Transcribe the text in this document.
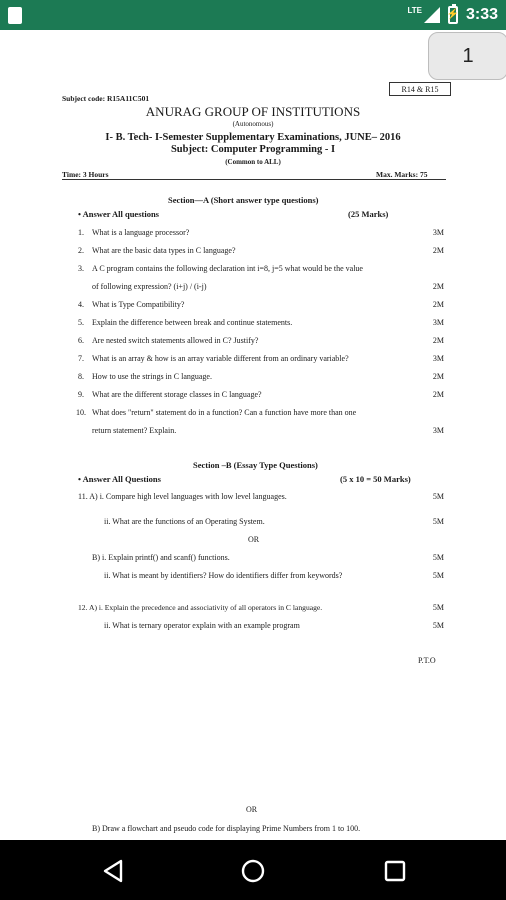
LTE ⚡ 3:33
1
Subject code: R15A11C501
R14 & R15
ANURAG GROUP OF INSTITUTIONS
(Autonomous)
I- B. Tech- I-Semester Supplementary Examinations, JUNE– 2016
Subject: Computer Programming - I
(Common to ALL)
Time: 3 Hours	Max. Marks: 75
Section—A (Short answer type questions)
• Answer All questions	(25 Marks)
1. What is a language processor?	3M
2. What are the basic data types in C language?	2M
3. A C program contains the following declaration int i=8, j=5 what would be the value
of following expression? (i+j) / (i-j)	2M
4. What is Type Compatibility?	2M
5. Explain the difference between break and continue statements.	3M
6. Are nested switch statements allowed in C? Justify?	2M
7. What is an array & how is an array variable different from an ordinary variable?	3M
8. How to use the strings in C language.	2M
9. What are the different storage classes in C language?	2M
10. What does "return" statement do in a function? Can a function have more than one
return statement? Explain.	3M
Section –B (Essay Type Questions)
• Answer All Questions	(5 x 10 = 50 Marks)
11. A) i. Compare high level languages with low level languages.	5M
ii. What are the functions of an Operating System.	5M
OR
B) i. Explain printf() and scanf() functions.	5M
ii. What is meant by identifiers? How do identifiers differ from keywords?	5M
12. A) i. Explain the precedence and associativity of all operators in C language.	5M
ii. What is ternary operator explain with an example program	5M
P.T.O
OR
B) Draw a flowchart and pseudo code for displaying Prime Numbers from 1 to 100.
